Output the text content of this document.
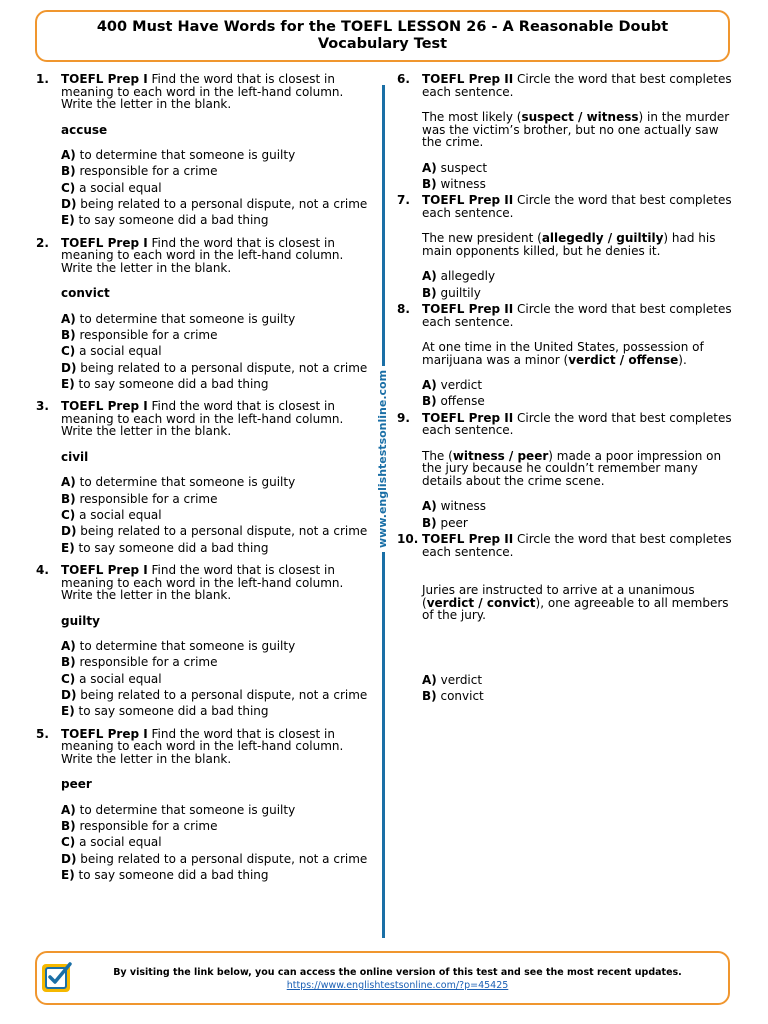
400 Must Have Words for the TOEFL LESSON 26 - A Reasonable Doubt
Vocabulary Test
1. TOEFL Prep I Find the word that is closest in meaning to each word in the left-hand column. Write the letter in the blank.
accuse
A) to determine that someone is guilty
B) responsible for a crime
C) a social equal
D) being related to a personal dispute, not a crime
E) to say someone did a bad thing
2. TOEFL Prep I Find the word that is closest in meaning to each word in the left-hand column. Write the letter in the blank.
convict
A) to determine that someone is guilty
B) responsible for a crime
C) a social equal
D) being related to a personal dispute, not a crime
E) to say someone did a bad thing
3. TOEFL Prep I Find the word that is closest in meaning to each word in the left-hand column. Write the letter in the blank.
civil
A) to determine that someone is guilty
B) responsible for a crime
C) a social equal
D) being related to a personal dispute, not a crime
E) to say someone did a bad thing
4. TOEFL Prep I Find the word that is closest in meaning to each word in the left-hand column. Write the letter in the blank.
guilty
A) to determine that someone is guilty
B) responsible for a crime
C) a social equal
D) being related to a personal dispute, not a crime
E) to say someone did a bad thing
5. TOEFL Prep I Find the word that is closest in meaning to each word in the left-hand column. Write the letter in the blank.
peer
A) to determine that someone is guilty
B) responsible for a crime
C) a social equal
D) being related to a personal dispute, not a crime
E) to say someone did a bad thing
www.englishtestsonline.com
6. TOEFL Prep II Circle the word that best completes each sentence.
The most likely (suspect / witness) in the murder was the victim’s brother, but no one actually saw the crime.
A) suspect
B) witness
7. TOEFL Prep II Circle the word that best completes each sentence.
The new president (allegedly / guiltily) had his main opponents killed, but he denies it.
A) allegedly
B) guiltily
8. TOEFL Prep II Circle the word that best completes each sentence.
At one time in the United States, possession of marijuana was a minor (verdict / offense).
A) verdict
B) offense
9. TOEFL Prep II Circle the word that best completes each sentence.
The (witness / peer) made a poor impression on the jury because he couldn’t remember many details about the crime scene.
A) witness
B) peer
10. TOEFL Prep II Circle the word that best completes each sentence.
Juries are instructed to arrive at a unanimous (verdict / convict), one agreeable to all members of the jury.
A) verdict
B) convict
By visiting the link below, you can access the online version of this test and see the most recent updates.
https://www.englishtestsonline.com/?p=45425
